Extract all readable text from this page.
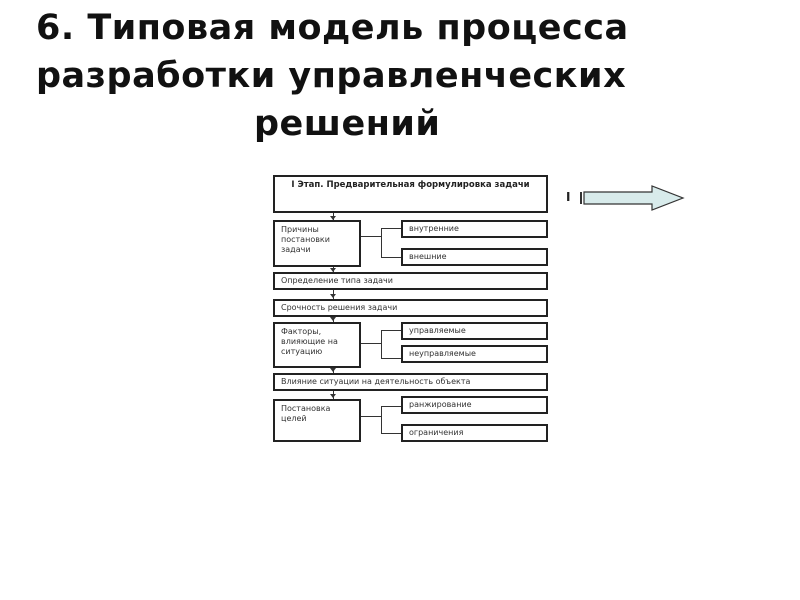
6. Типовая модель процесса
разработки управленческих
решений
I Этап. Предварительная формулировка задачи
Причины постановки задачи
внутренние
внешние
Определение типа задачи
Срочность решения задачи
Факторы, влияющие на ситуацию
управляемые
неуправляемые
Влияние ситуации на деятельность объекта
Постановка целей
ранжирование
ограничения
I
